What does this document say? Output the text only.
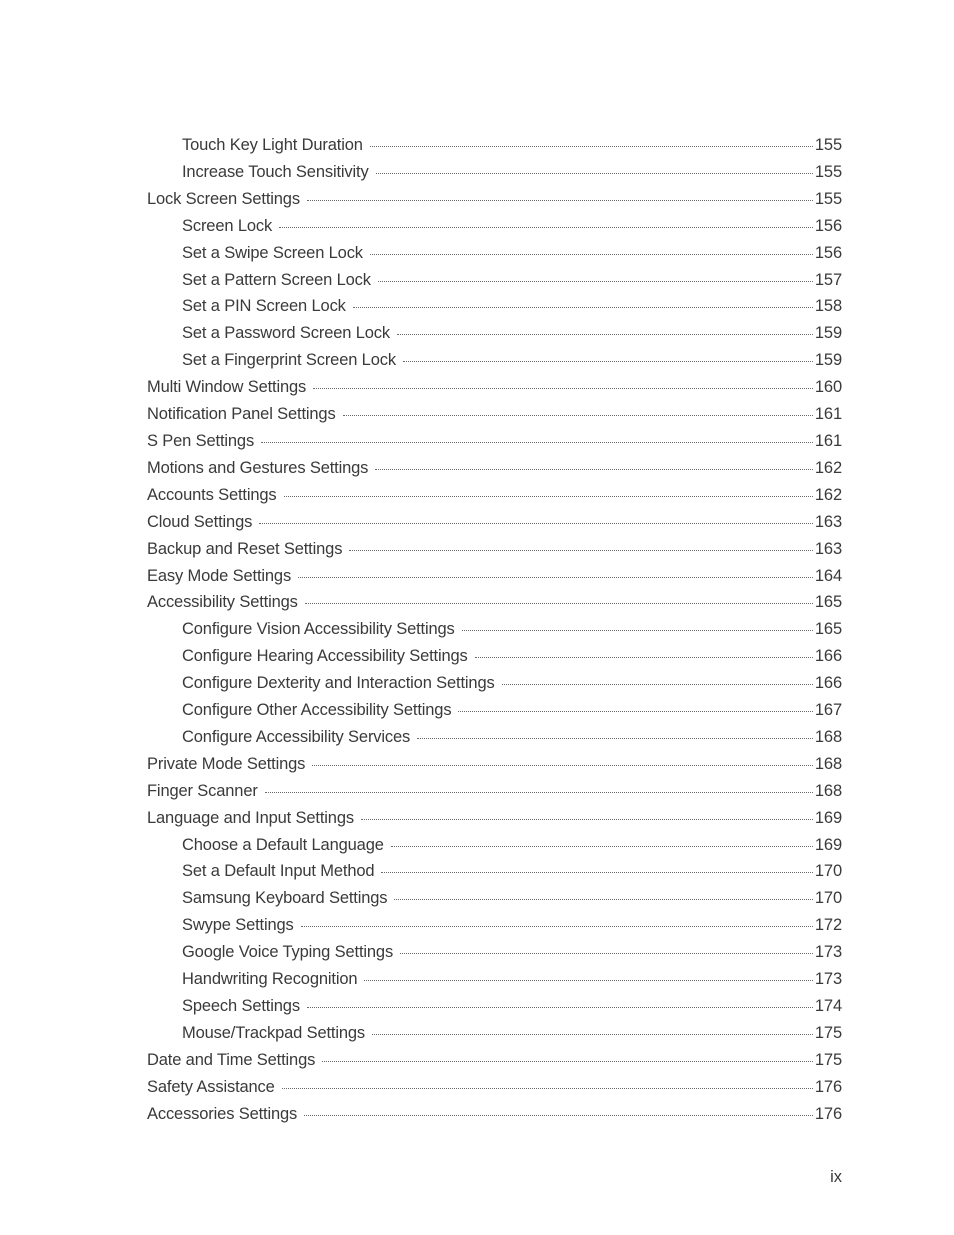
Touch Key Light Duration	155
Increase Touch Sensitivity	155
Lock Screen Settings	155
Screen Lock	156
Set a Swipe Screen Lock	156
Set a Pattern Screen Lock	157
Set a PIN Screen Lock	158
Set a Password Screen Lock	159
Set a Fingerprint Screen Lock	159
Multi Window Settings	160
Notification Panel Settings	161
S Pen Settings	161
Motions and Gestures Settings	162
Accounts Settings	162
Cloud Settings	163
Backup and Reset Settings	163
Easy Mode Settings	164
Accessibility Settings	165
Configure Vision Accessibility Settings	165
Configure Hearing Accessibility Settings	166
Configure Dexterity and Interaction Settings	166
Configure Other Accessibility Settings	167
Configure Accessibility Services	168
Private Mode Settings	168
Finger Scanner	168
Language and Input Settings	169
Choose a Default Language	169
Set a Default Input Method	170
Samsung Keyboard Settings	170
Swype Settings	172
Google Voice Typing Settings	173
Handwriting Recognition	173
Speech Settings	174
Mouse/Trackpad Settings	175
Date and Time Settings	175
Safety Assistance	176
Accessories Settings	176
ix
